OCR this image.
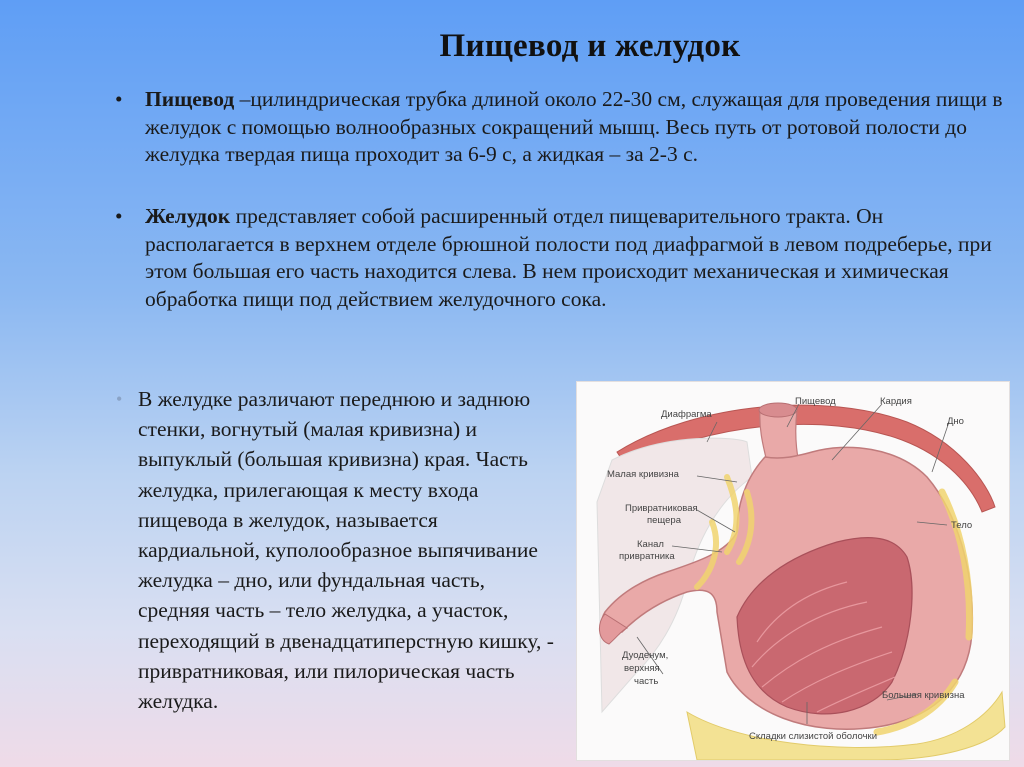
Пищевод и желудок
• Пищевод –цилиндрическая трубка длиной около 22-30 см, служащая для проведения пищи в желудок с помощью волнообразных сокращений мышц. Весь путь от ротовой полости до желудка твердая пища проходит за 6-9 с, а жидкая – за 2-3 с.
• Желудок представляет собой расширенный отдел пищеварительного тракта. Он располагается в верхнем отделе брюшной полости под диафрагмой в левом подреберье, при этом большая его часть находится слева. В нем происходит механическая и химическая обработка пищи под действием желудочного сока.
• В желудке различают переднюю и заднюю стенки, вогнутый (малая кривизна) и выпуклый (большая кривизна) края. Часть желудка, прилегающая к месту входа пищевода в желудок, называется кардиальной, куполообразное выпячивание желудка – дно, или фундальная часть, средняя часть – тело желудка, а участок, переходящий в двенадцатиперстную кишку, - привратниковая, или пилорическая часть желудка.
Диафрагма
Пищевод	Кардия
Дно
Малая кривизна
Привратниковая
пещера
Канал
привратника
Тело
Дуоденум,
верхняя
часть
Большая кривизна
Складки слизистой оболочки
